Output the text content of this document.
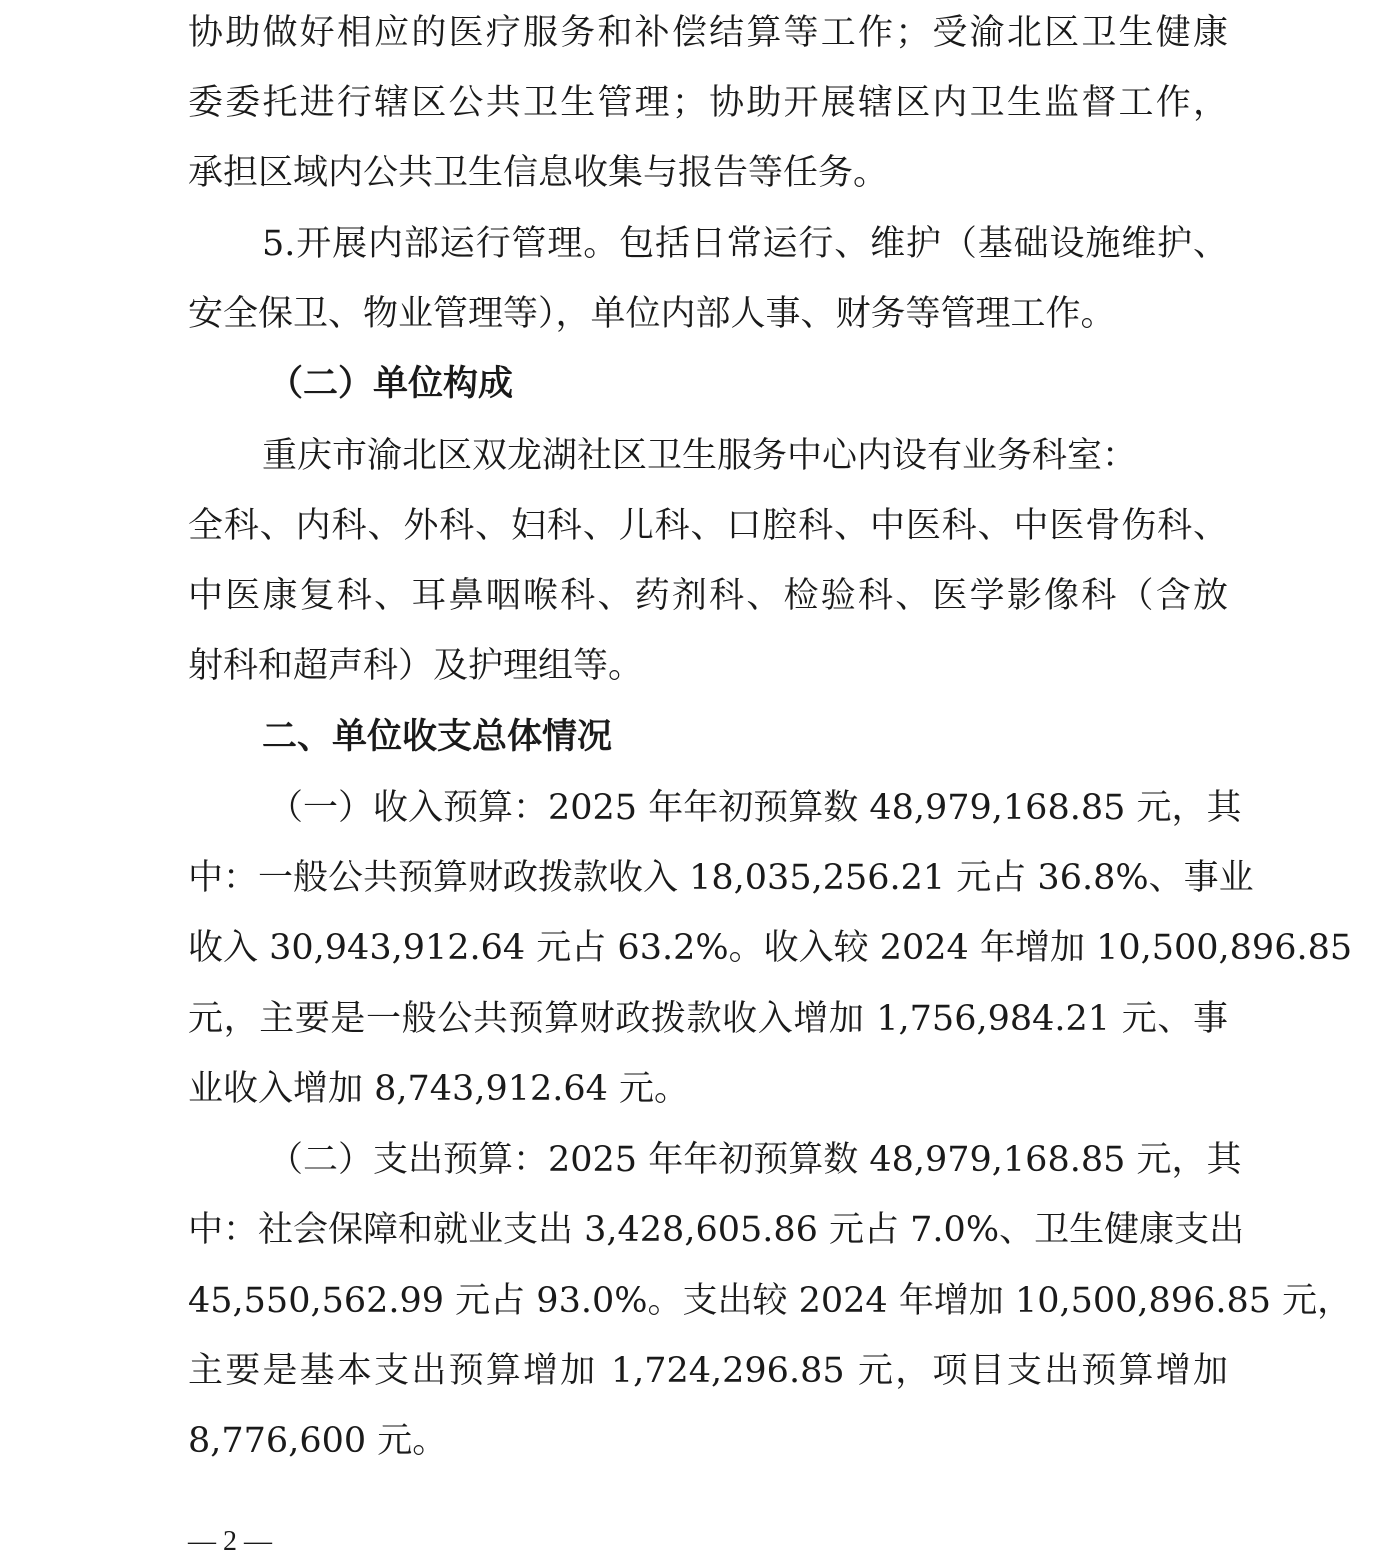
协助做好相应的医疗服务和补偿结算等工作；受渝北区卫生健康
委委托进行辖区公共卫生管理；协助开展辖区内卫生监督工作，
承担区域内公共卫生信息收集与报告等任务。
5.开展内部运行管理。包括日常运行、维护（基础设施维护、
安全保卫、物业管理等），单位内部人事、财务等管理工作。
（二）单位构成
重庆市渝北区双龙湖社区卫生服务中心内设有业务科室：
全科、内科、外科、妇科、儿科、口腔科、中医科、中医骨伤科、
中医康复科、耳鼻咽喉科、药剂科、检验科、医学影像科（含放
射科和超声科）及护理组等。
二、单位收支总体情况
（一）收入预算：2025 年年初预算数 48,979,168.85 元，其
中：一般公共预算财政拨款收入 18,035,256.21 元占 36.8%、事业
收入 30,943,912.64 元占 63.2%。收入较 2024 年增加 10,500,896.85
元，主要是一般公共预算财政拨款收入增加 1,756,984.21 元、事
业收入增加 8,743,912.64 元。
（二）支出预算：2025 年年初预算数 48,979,168.85 元，其
中：社会保障和就业支出 3,428,605.86 元占 7.0%、卫生健康支出
45,550,562.99 元占 93.0%。支出较 2024 年增加 10,500,896.85 元，
主要是基本支出预算增加 1,724,296.85 元，项目支出预算增加
8,776,600 元。
— 2 —
